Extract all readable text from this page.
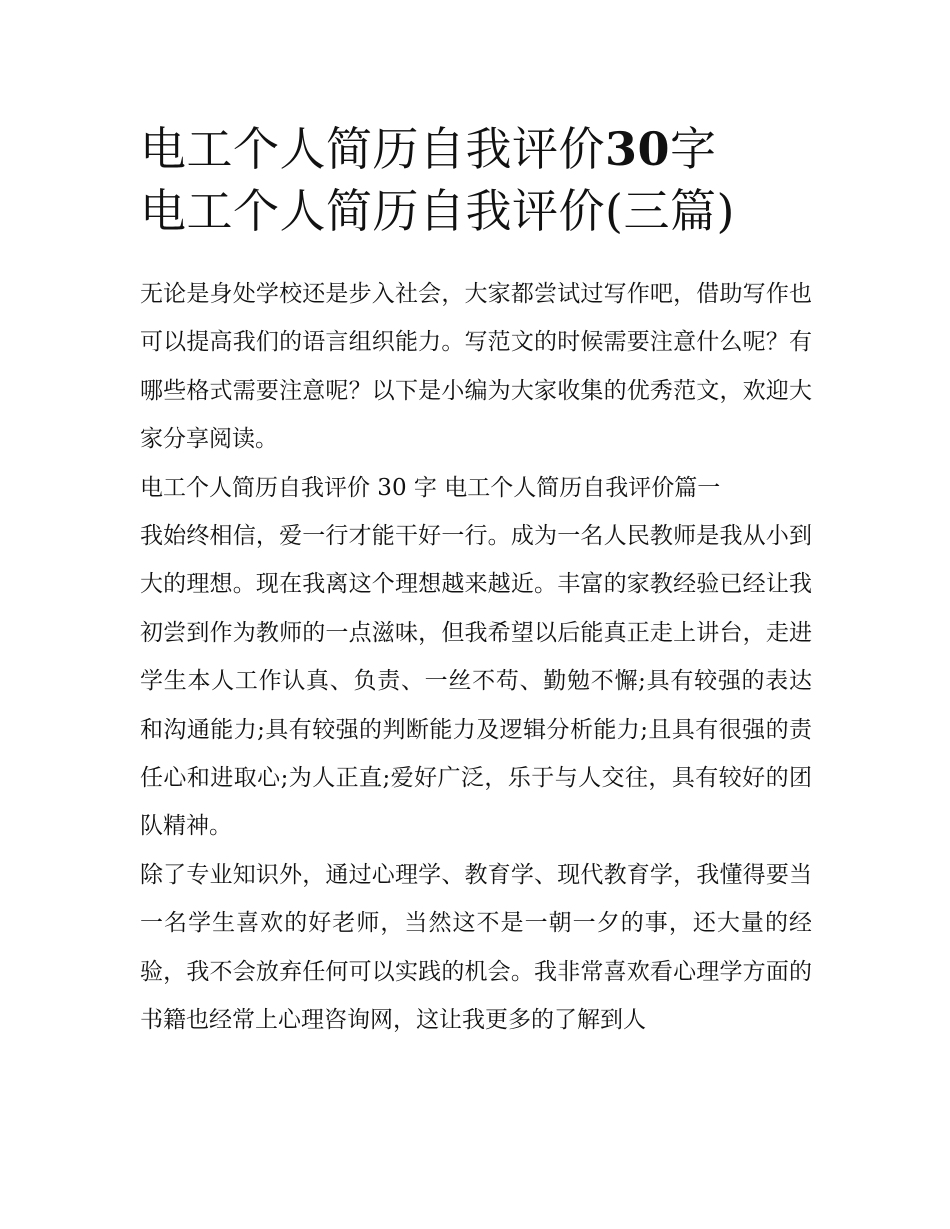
电工个人简历自我评价30字
电工个人简历自我评价(三篇)

无论是身处学校还是步入社会，大家都尝试过写作吧，借助写作也可以提高我们的语言组织能力。写范文的时候需要注意什么呢？有哪些格式需要注意呢？以下是小编为大家收集的优秀范文，欢迎大家分享阅读。

电工个人简历自我评价 30 字 电工个人简历自我评价篇一

我始终相信，爱一行才能干好一行。成为一名人民教师是我从小到大的理想。现在我离这个理想越来越近。丰富的家教经验已经让我初尝到作为教师的一点滋味，但我希望以后能真正走上讲台，走进学生本人工作认真、负责、一丝不苟、勤勉不懈;具有较强的表达和沟通能力;具有较强的判断能力及逻辑分析能力;且具有很强的责任心和进取心;为人正直;爱好广泛，乐于与人交往，具有较好的团队精神。

除了专业知识外，通过心理学、教育学、现代教育学，我懂得要当一名学生喜欢的好老师，当然这不是一朝一夕的事，还大量的经验，我不会放弃任何可以实践的机会。我非常喜欢看心理学方面的书籍也经常上心理咨询网，这让我更多的了解到人
